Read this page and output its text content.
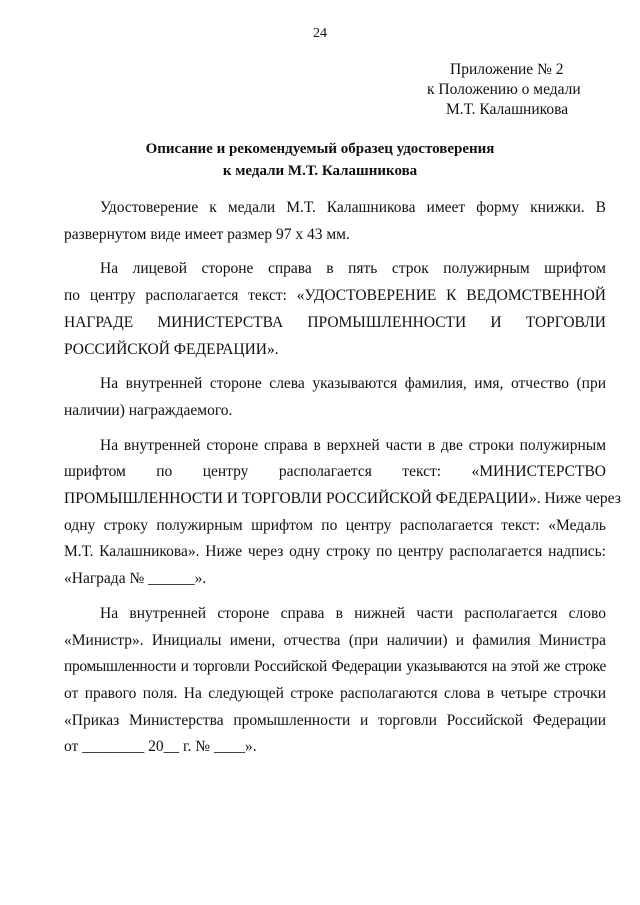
24
Приложение № 2
к Положению о медали
М.Т. Калашникова
Описание и рекомендуемый образец удостоверения
к медали М.Т. Калашникова
Удостоверение к медали М.Т. Калашникова имеет форму книжки. В
развернутом виде имеет размер 97 х 43 мм.
На лицевой стороне справа в пять строк полужирным шрифтом
по центру располагается текст: «УДОСТОВЕРЕНИЕ К ВЕДОМСТВЕННОЙ
НАГРАДЕ МИНИСТЕРСТВА ПРОМЫШЛЕННОСТИ И ТОРГОВЛИ
РОССИЙСКОЙ ФЕДЕРАЦИИ».
На внутренней стороне слева указываются фамилия, имя, отчество (при
наличии) награждаемого.
На внутренней стороне справа в верхней части в две строки полужирным
шрифтом по центру располагается текст: «МИНИСТЕРСТВО
ПРОМЫШЛЕННОСТИ И ТОРГОВЛИ РОССИЙСКОЙ ФЕДЕРАЦИИ». Ниже через
одну строку полужирным шрифтом по центру располагается текст: «Медаль
М.Т. Калашникова». Ниже через одну строку по центру располагается надпись:
«Награда № ______».
На внутренней стороне справа в нижней части располагается слово
«Министр». Инициалы имени, отчества (при наличии) и фамилия Министра
промышленности и торговли Российской Федерации указываются на этой же строке
от правого поля. На следующей строке располагаются слова в четыре строчки
«Приказ Министерства промышленности и торговли Российской Федерации
от ________ 20__ г. № ____».
